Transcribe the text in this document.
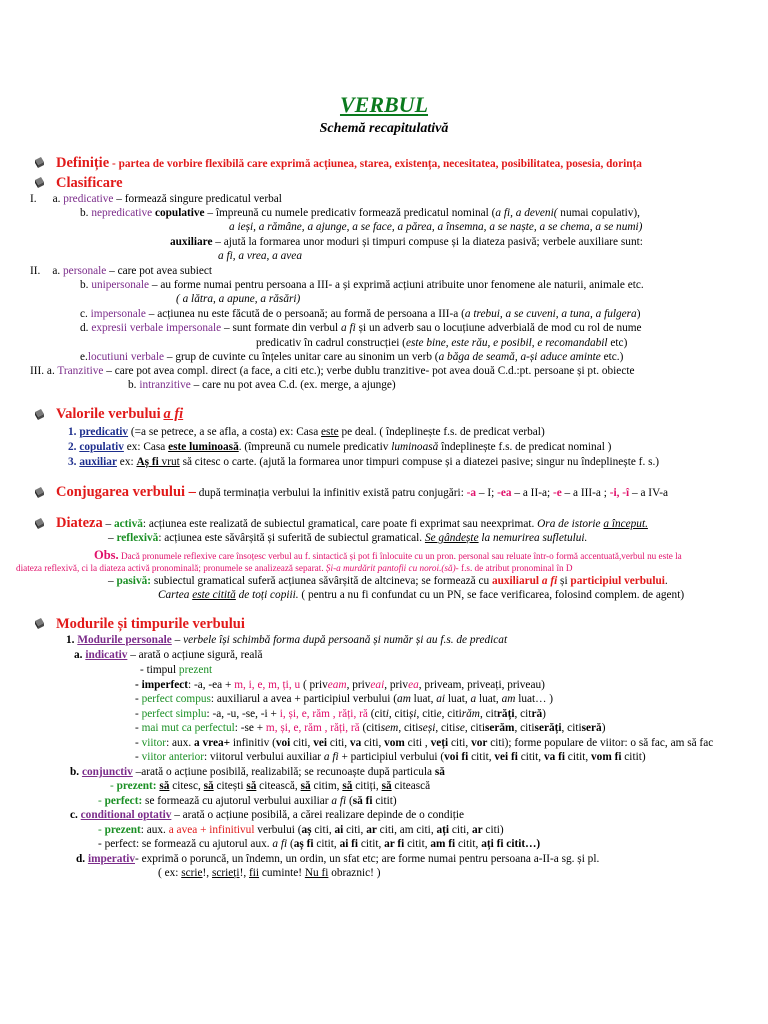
VERBUL
Schemă recapitulativă
Definiție - partea de vorbire flexibilă care exprimă acțiunea, starea, existența, necesitatea, posibilitatea, posesia, dorința
Clasificare
I. a. predicative – formează singure predicatul verbal
b. nepredicative copulative – împreună cu numele predicativ formează predicatul nominal (a fi, a deveni( numai copulativ),
a ieși, a rămâne, a ajunge, a se face, a părea, a însemna, a se naște, a se chema, a se numi)
auxiliare – ajută la formarea unor moduri și timpuri compuse și la diateza pasivă; verbele auxiliare sunt:
a fi, a vrea, a avea
II. a. personale – care pot avea subiect
b. unipersonale – au forme numai pentru persoana a III- a și exprimă acțiuni atribuite unor fenomene ale naturii, animale etc.
( a lătra, a apune, a răsări)
c. impersonale – acțiunea nu este făcută de o persoană; au formă de persoana a III-a (a trebui, a se cuveni, a tuna, a fulgera)
d. expresii verbale impersonale – sunt formate din verbul a fi și un adverb sau o locuțiune adverbială de mod cu rol de nume
predicativ în cadrul construcției (este bine, este rău, e posibil, e recomandabil etc)
e.locutiuni verbale – grup de cuvinte cu înțeles unitar care au sinonim un verb (a băga de seamă, a-și aduce aminte etc.)
III. a. Tranzitive – care pot avea compl. direct (a face, a citi etc.); verbe dublu tranzitive- pot avea două C.d.:pt. persoane și pt. obiecte
b. intranzitive – care nu pot avea C.d. (ex. merge, a ajunge)
Valorile verbului a fi
1. predicativ (=a se petrece, a se afla, a costa) ex: Casa este pe deal. ( îndeplinește f.s. de predicat verbal)
2. copulativ ex: Casa este luminoasă. (împreună cu numele predicativ luminoasă îndeplinește f.s. de predicat nominal )
3. auxiliar ex: Aș fi vrut să citesc o carte. (ajută la formarea unor timpuri compuse și a diatezei pasive; singur nu îndeplinește f. s.)
Conjugarea verbului – după terminația verbului la infinitiv există patru conjugări: -a – I; -ea – a II-a; -e – a III-a ; -i, -î – a IV-a
Diateza – activă: acțiunea este realizată de subiectul gramatical, care poate fi exprimat sau neexprimat. Ora de istorie a început.
– reflexivă: acțiunea este săvârșită și suferită de subiectul gramatical. Se gândește la nemurirea sufletului.
Obs. Dacă pronumele reflexive care însoțesc verbul au f. sintactică și pot fi înlocuite cu un pron. personal sau reluate într-o formă accentuată,verbul nu este la
diateza reflexivă, ci la diateza activă pronominală; pronumele se analizează separat. Și-a murdărit pantofii cu noroi.(să)- f.s. de atribut pronominal în D
– pasivă: subiectul gramatical suferă acțiunea săvârșită de altcineva; se formează cu auxiliarul a fi și participiul verbului.
Cartea este citită de toți copiii. ( pentru a nu fi confundat cu un PN, se face verificarea, folosind complem. de agent)
Modurile și timpurile verbului
1. Modurile personale – verbele își schimbă forma după persoană și număr și au f.s. de predicat
a. indicativ – arată o acțiune sigură, reală
- timpul prezent
- imperfect: -a, -ea + m, i, e, m, ți, u ( priveam, priveai, privea, priveam, priveați, priveau)
- perfect compus: auxiliarul a avea + participiul verbului (am luat, ai luat, a luat, am luat… )
- perfect simplu: -a, -u, -se, -i + i, și, e, răm , răți, ră (citi, citiși, citie, citirăm, citrăți, citră)
- mai mut ca perfectul: -se + m, și, e, răm , răți, ră (citisem, citiseși, citise, citiserăm, citiserăți, citiseră)
- viitor: aux. a vrea+ infinitiv (voi citi, vei citi, va citi, vom citi , veți citi, vor citi); forme populare de viitor: o să fac, am să fac
- viitor anterior: viitorul verbului auxiliar a fi + participiul verbului (voi fi citit, vei fi citit, va fi citit, vom fi citit)
b. conjunctiv –arată o acțiune posibilă, realizabilă; se recunoaște după particula să
- prezent: să citesc, să citești să citească, să citim, să citiți, să citească
- perfect: se formează cu ajutorul verbului auxiliar a fi (să fi citit)
c. conditional optativ – arată o acțiune posibilă, a cărei realizare depinde de o condiție
- prezent: aux. a avea + infinitivul verbului (aș citi, ai citi, ar citi, am citi, ați citi, ar citi)
- perfect: se formează cu ajutorul aux. a fi (aș fi citit, ai fi citit, ar fi citit, am fi citit, ați fi citit…)
d. imperativ- exprimă o poruncă, un îndemn, un ordin, un sfat etc; are forme numai pentru persoana a-II-a sg. și pl.
( ex: scrie!, scrieți!, fii cuminte! Nu fi obraznic! )
